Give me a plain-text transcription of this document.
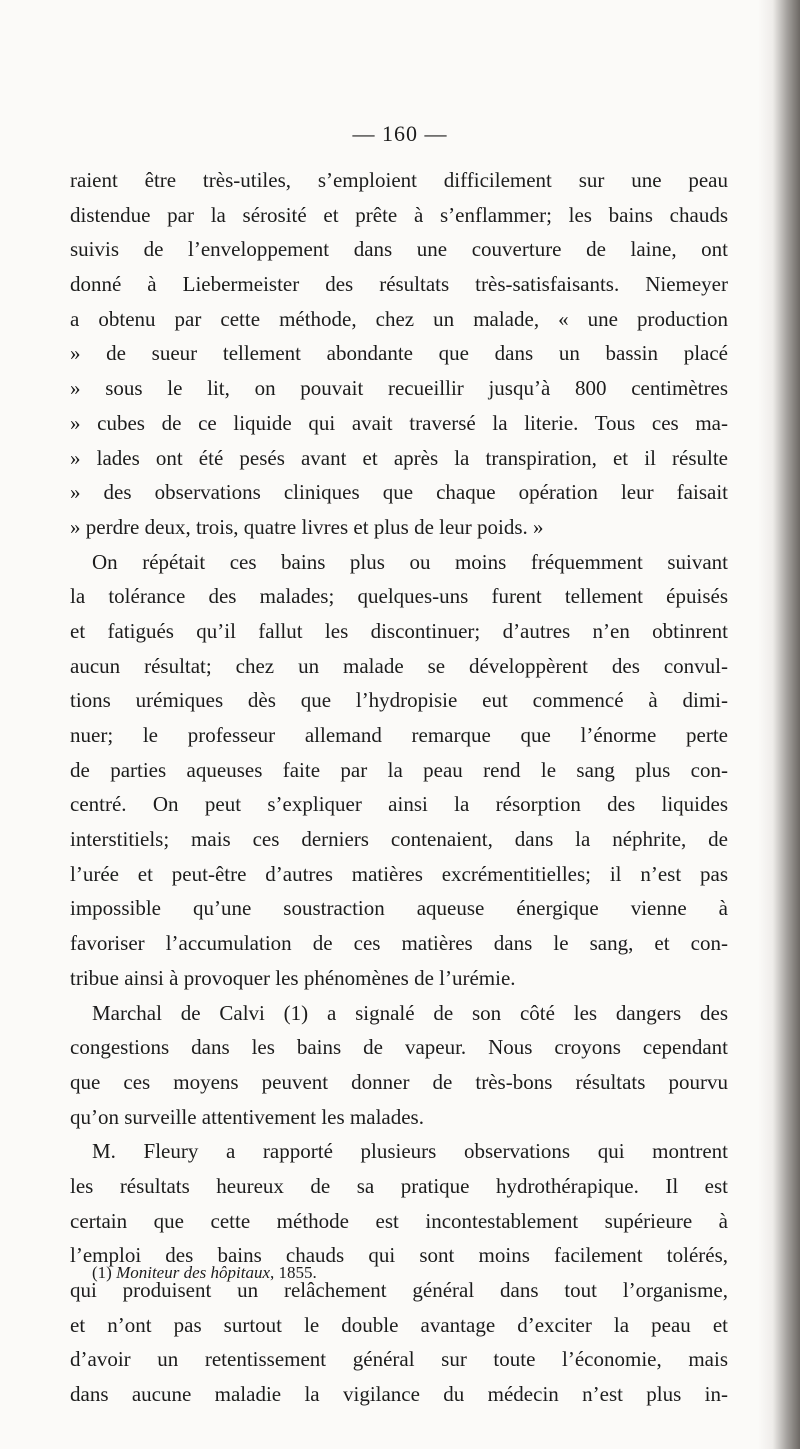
— 160 —
raient être très-utiles, s’emploient difficilement sur une peau
distendue par la sérosité et prête à s’enflammer; les bains chauds
suivis de l’enveloppement dans une couverture de laine, ont
donné à Liebermeister des résultats très-satisfaisants. Niemeyer
a obtenu par cette méthode, chez un malade, « une production
» de sueur tellement abondante que dans un bassin placé
» sous le lit, on pouvait recueillir jusqu’à 800 centimètres
» cubes de ce liquide qui avait traversé la literie. Tous ces ma-
» lades ont été pesés avant et après la transpiration, et il résulte
» des observations cliniques que chaque opération leur faisait
» perdre deux, trois, quatre livres et plus de leur poids. »
On répétait ces bains plus ou moins fréquemment suivant
la tolérance des malades; quelques-uns furent tellement épuisés
et fatigués qu’il fallut les discontinuer; d’autres n’en obtinrent
aucun résultat; chez un malade se développèrent des convul-
tions urémiques dès que l’hydropisie eut commencé à dimi-
nuer; le professeur allemand remarque que l’énorme perte
de parties aqueuses faite par la peau rend le sang plus con-
centré. On peut s’expliquer ainsi la résorption des liquides
interstitiels; mais ces derniers contenaient, dans la néphrite, de
l’urée et peut-être d’autres matières excrémentitielles; il n’est pas
impossible qu’une soustraction aqueuse énergique vienne à
favoriser l’accumulation de ces matières dans le sang, et con-
tribue ainsi à provoquer les phénomènes de l’urémie.
Marchal de Calvi (1) a signalé de son côté les dangers des
congestions dans les bains de vapeur. Nous croyons cependant
que ces moyens peuvent donner de très-bons résultats pourvu
qu’on surveille attentivement les malades.
M. Fleury a rapporté plusieurs observations qui montrent
les résultats heureux de sa pratique hydrothérapique. Il est
certain que cette méthode est incontestablement supérieure à
l’emploi des bains chauds qui sont moins facilement tolérés,
qui produisent un relâchement général dans tout l’organisme,
et n’ont pas surtout le double avantage d’exciter la peau et
d’avoir un retentissement général sur toute l’économie, mais
dans aucune maladie la vigilance du médecin n’est plus in-
(1) Moniteur des hôpitaux, 1855.
